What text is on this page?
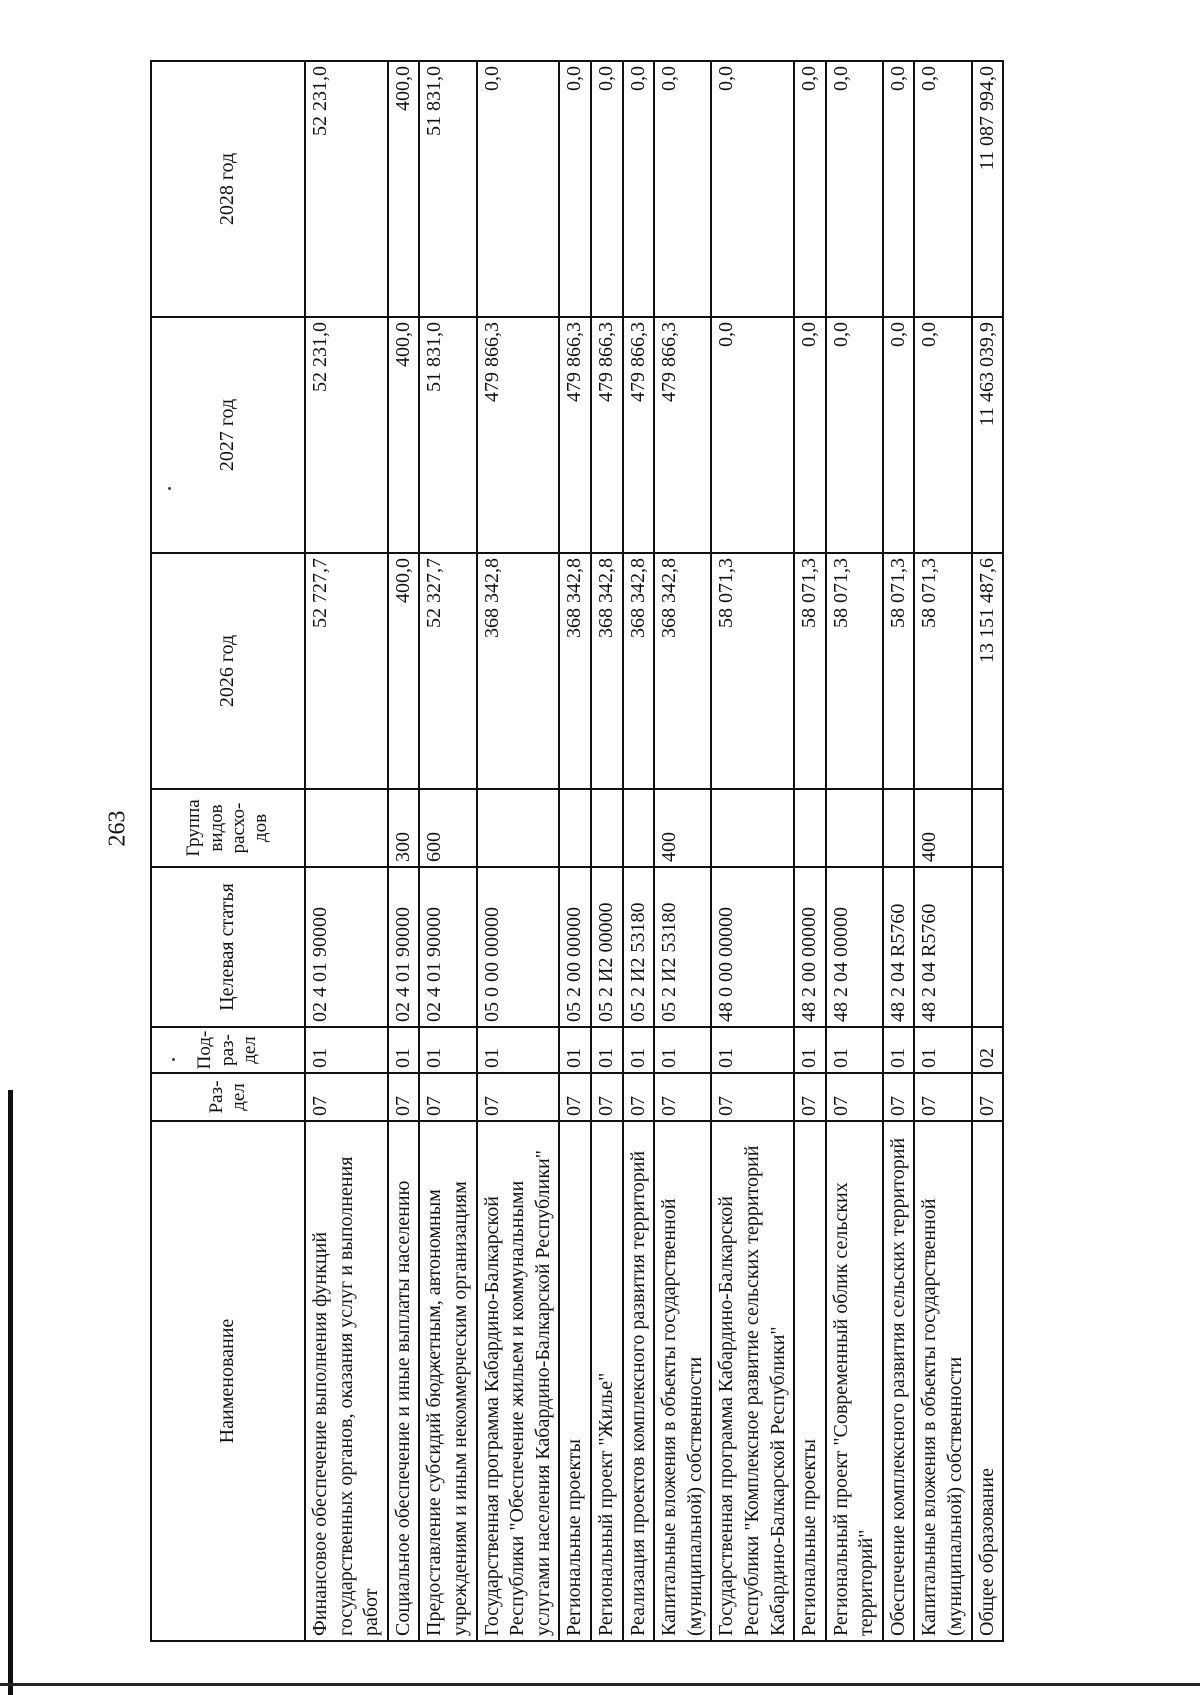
263
Наименование	Раз-дел	Под-раз-дел	Целевая статья	Группа видов расхо-дов	2026 год	2027 год	2028 год
Финансовое обеспечение выполнения функций государственных органов, оказания услуг и выполнения работ	07	01	02 4 01 90000		52 727,7	52 231,0	52 231,0
Социальное обеспечение и иные выплаты населению	07	01	02 4 01 90000	300	400,0	400,0	400,0
Предоставление субсидий бюджетным, автономным учреждениям и иным некоммерческим организациям	07	01	02 4 01 90000	600	52 327,7	51 831,0	51 831,0
Государственная программа Кабардино-Балкарской Республики "Обеспечение жильем и коммунальными услугами населения Кабардино-Балкарской Республики"	07	01	05 0 00 00000		368 342,8	479 866,3	0,0
Региональные проекты	07	01	05 2 00 00000		368 342,8	479 866,3	0,0
Региональный проект "Жилье"	07	01	05 2 И2 00000		368 342,8	479 866,3	0,0
Реализация проектов комплексного развития территорий	07	01	05 2 И2 53180		368 342,8	479 866,3	0,0
Капитальные вложения в объекты государственной (муниципальной) собственности	07	01	05 2 И2 53180	400	368 342,8	479 866,3	0,0
Государственная программа Кабардино-Балкарской Республики "Комплексное развитие сельских территорий Кабардино-Балкарской Республики"	07	01	48 0 00 00000		58 071,3	0,0	0,0
Региональные проекты	07	01	48 2 00 00000		58 071,3	0,0	0,0
Региональный проект "Современный облик сельских территорий"	07	01	48 2 04 00000		58 071,3	0,0	0,0
Обеспечение комплексного развития сельских территорий	07	01	48 2 04 R5760		58 071,3	0,0	0,0
Капитальные вложения в объекты государственной (муниципальной) собственности	07	01	48 2 04 R5760	400	58 071,3	0,0	0,0
Общее образование	07	02			13 151 487,6	11 463 039,9	11 087 994,0
